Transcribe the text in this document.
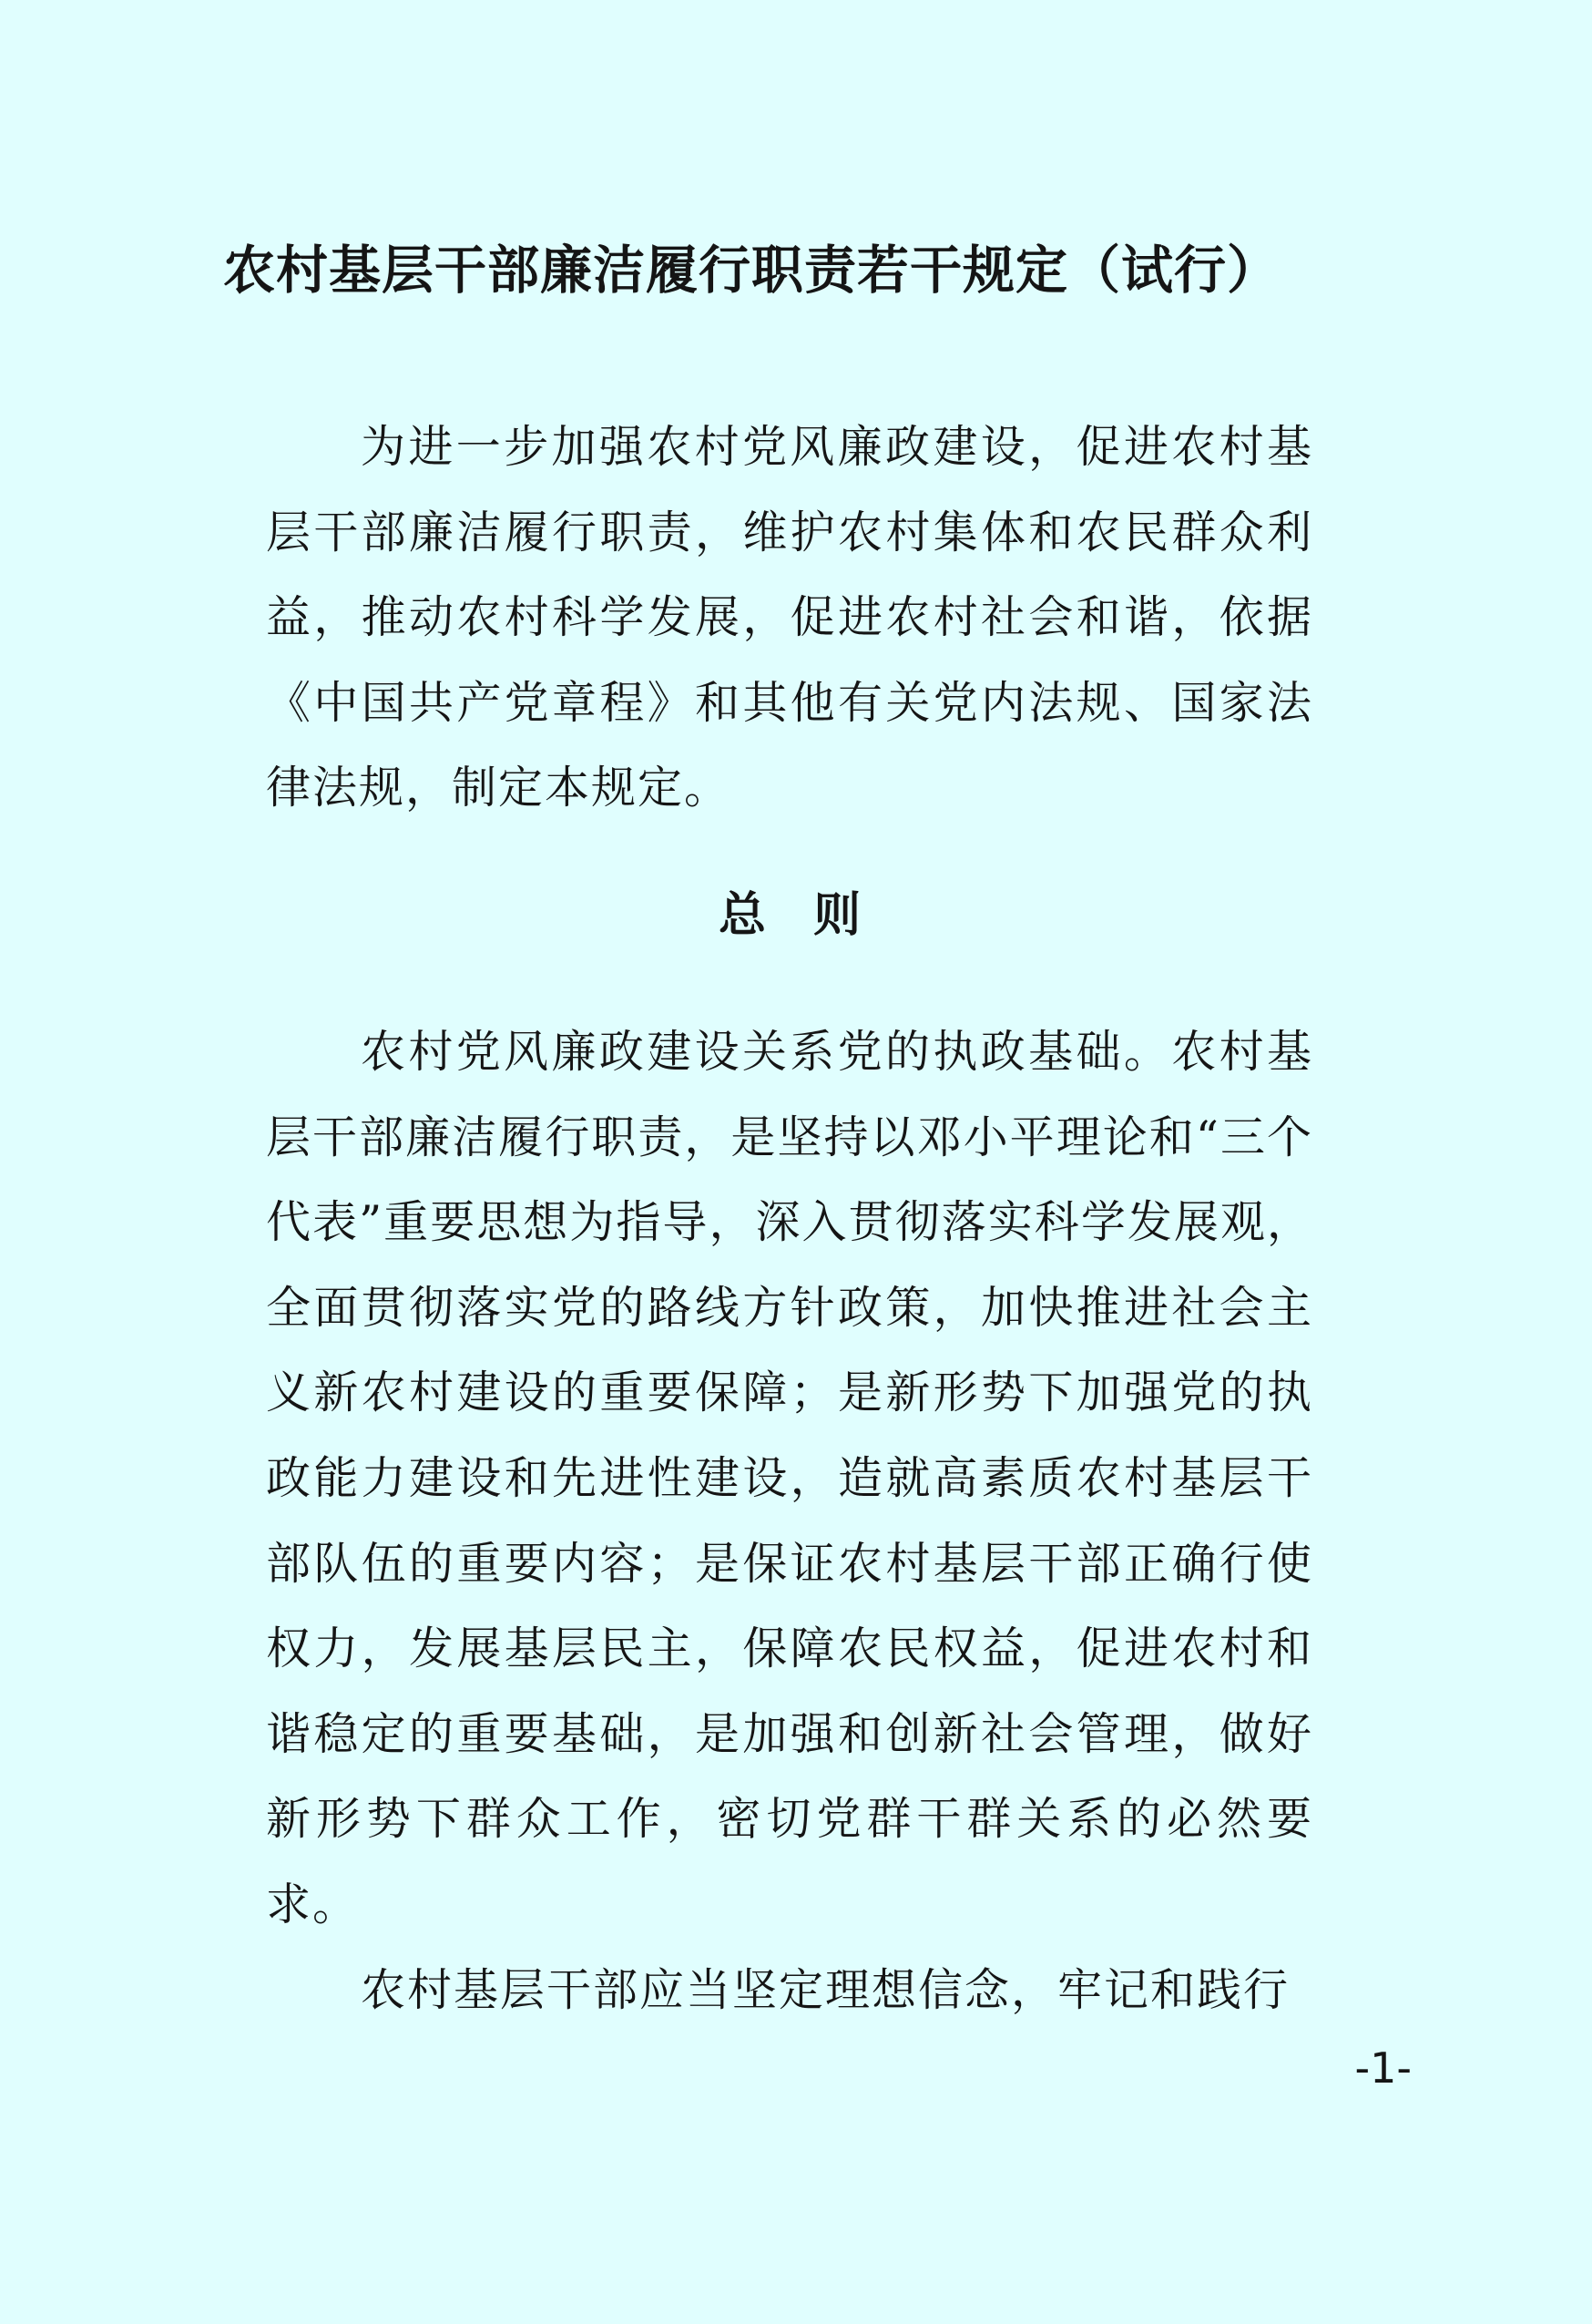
农村基层干部廉洁履行职责若干规定（试行）

为进一步加强农村党风廉政建设，促进农村基层干部廉洁履行职责，维护农村集体和农民群众利益，推动农村科学发展，促进农村社会和谐，依据《中国共产党章程》和其他有关党内法规、国家法律法规，制定本规定。

总则

农村党风廉政建设关系党的执政基础。农村基层干部廉洁履行职责，是坚持以邓小平理论和“三个代表”重要思想为指导，深入贯彻落实科学发展观，全面贯彻落实党的路线方针政策，加快推进社会主义新农村建设的重要保障；是新形势下加强党的执政能力建设和先进性建设，造就高素质农村基层干部队伍的重要内容；是保证农村基层干部正确行使权力，发展基层民主，保障农民权益，促进农村和谐稳定的重要基础，是加强和创新社会管理，做好新形势下群众工作，密切党群干群关系的必然要求。

农村基层干部应当坚定理想信念，牢记和践行

-1-
